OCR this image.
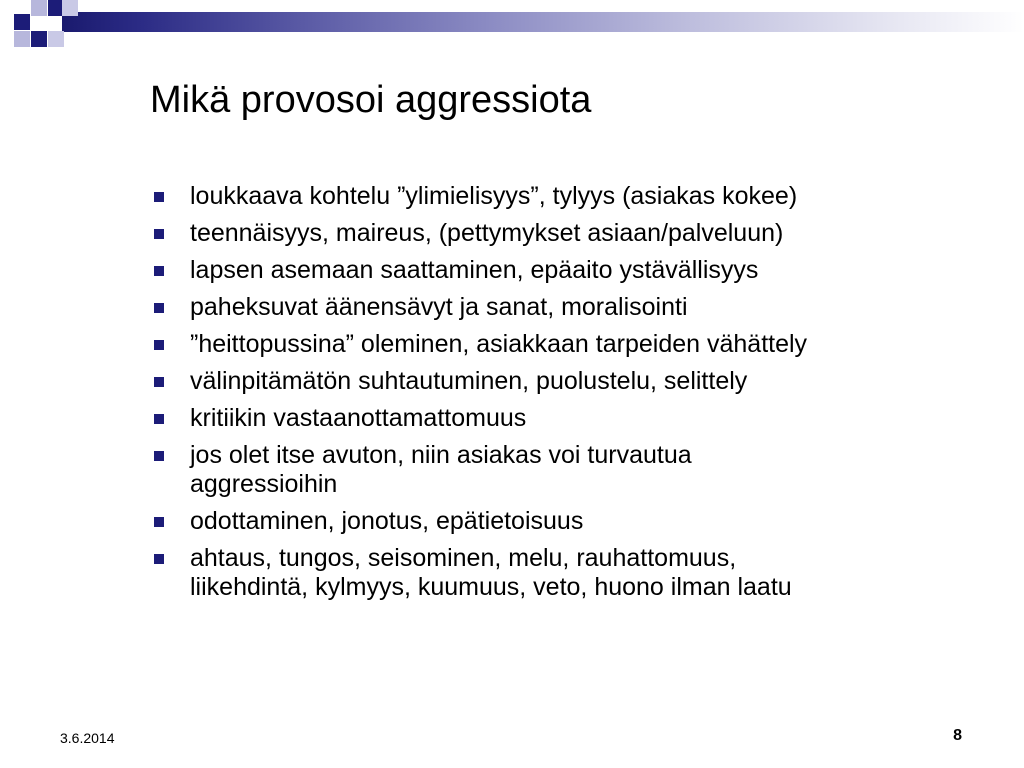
Mikä provosoi aggressiota
loukkaava kohtelu ”ylimielisyys”, tylyys (asiakas kokee)
teennäisyys, maireus, (pettymykset asiaan/palveluun)
lapsen asemaan saattaminen, epäaito ystävällisyys
paheksuvat äänensävyt ja sanat, moralisointi
”heittopussina” oleminen, asiakkaan tarpeiden vähättely
välinpitämätön suhtautuminen, puolustelu, selittely
kritiikin vastaanottamattomuus
jos olet itse avuton, niin asiakas voi turvautua
aggressioihin
odottaminen, jonotus, epätietoisuus
ahtaus, tungos, seisominen, melu, rauhattomuus,
liikehdintä, kylmyys, kuumuus, veto, huono ilman laatu
3.6.2014	8
